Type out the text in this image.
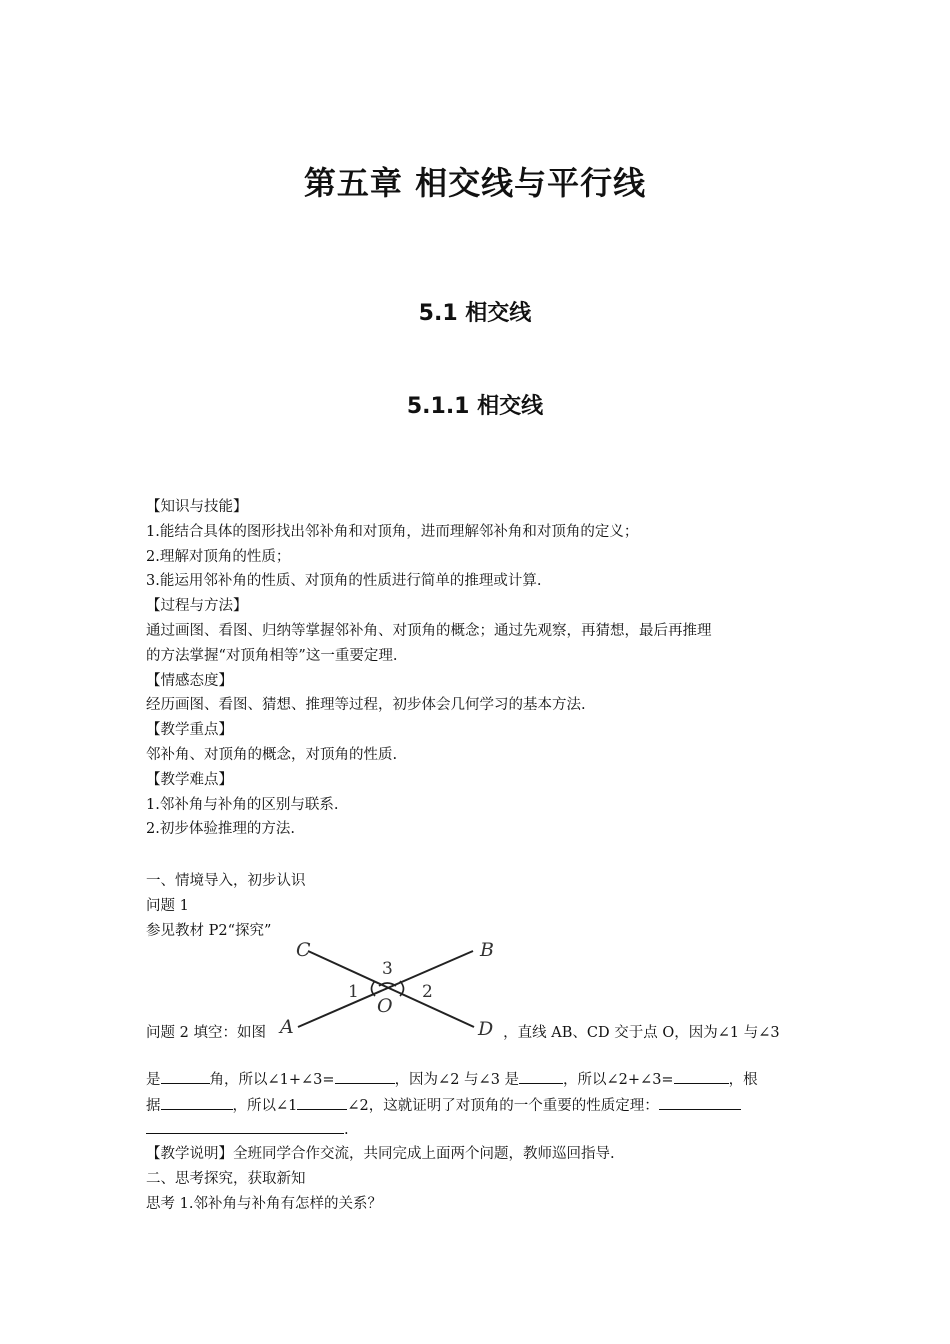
第五章 相交线与平行线
5.1 相交线
5.1.1 相交线

【知识与技能】

1.能结合具体的图形找出邻补角和对顶角，进而理解邻补角和对顶角的定义；

2.理解对顶角的性质；

3.能运用邻补角的性质、对顶角的性质进行简单的推理或计算.

【过程与方法】

通过画图、看图、归纳等掌握邻补角、对顶角的概念；通过先观察，再猜想，最后再推理

的方法掌握“对顶角相等”这一重要定理.

【情感态度】

经历画图、看图、猜想、推理等过程，初步体会几何学习的基本方法.

【教学重点】

邻补角、对顶角的概念，对顶角的性质.

【教学难点】

1.邻补角与补角的区别与联系.

2.初步体验推理的方法.

一、情境导入，初步认识

问题 1

参见教材 P2“探究”

C	B
A	D
O
1	2
3
问题 2 填空：如图	，直线 AB、CD 交于点 O，因为∠1 与∠3
是	角，所以∠1+∠3=	，因为∠2 与∠3 是	，所以∠2+∠3=	，根
据	，所以∠1	∠2，这就证明了对顶角的一个重要的性质定理：
.

【教学说明】全班同学合作交流，共同完成上面两个问题，教师巡回指导.

二、思考探究，获取新知

思考 1.邻补角与补角有怎样的关系？
